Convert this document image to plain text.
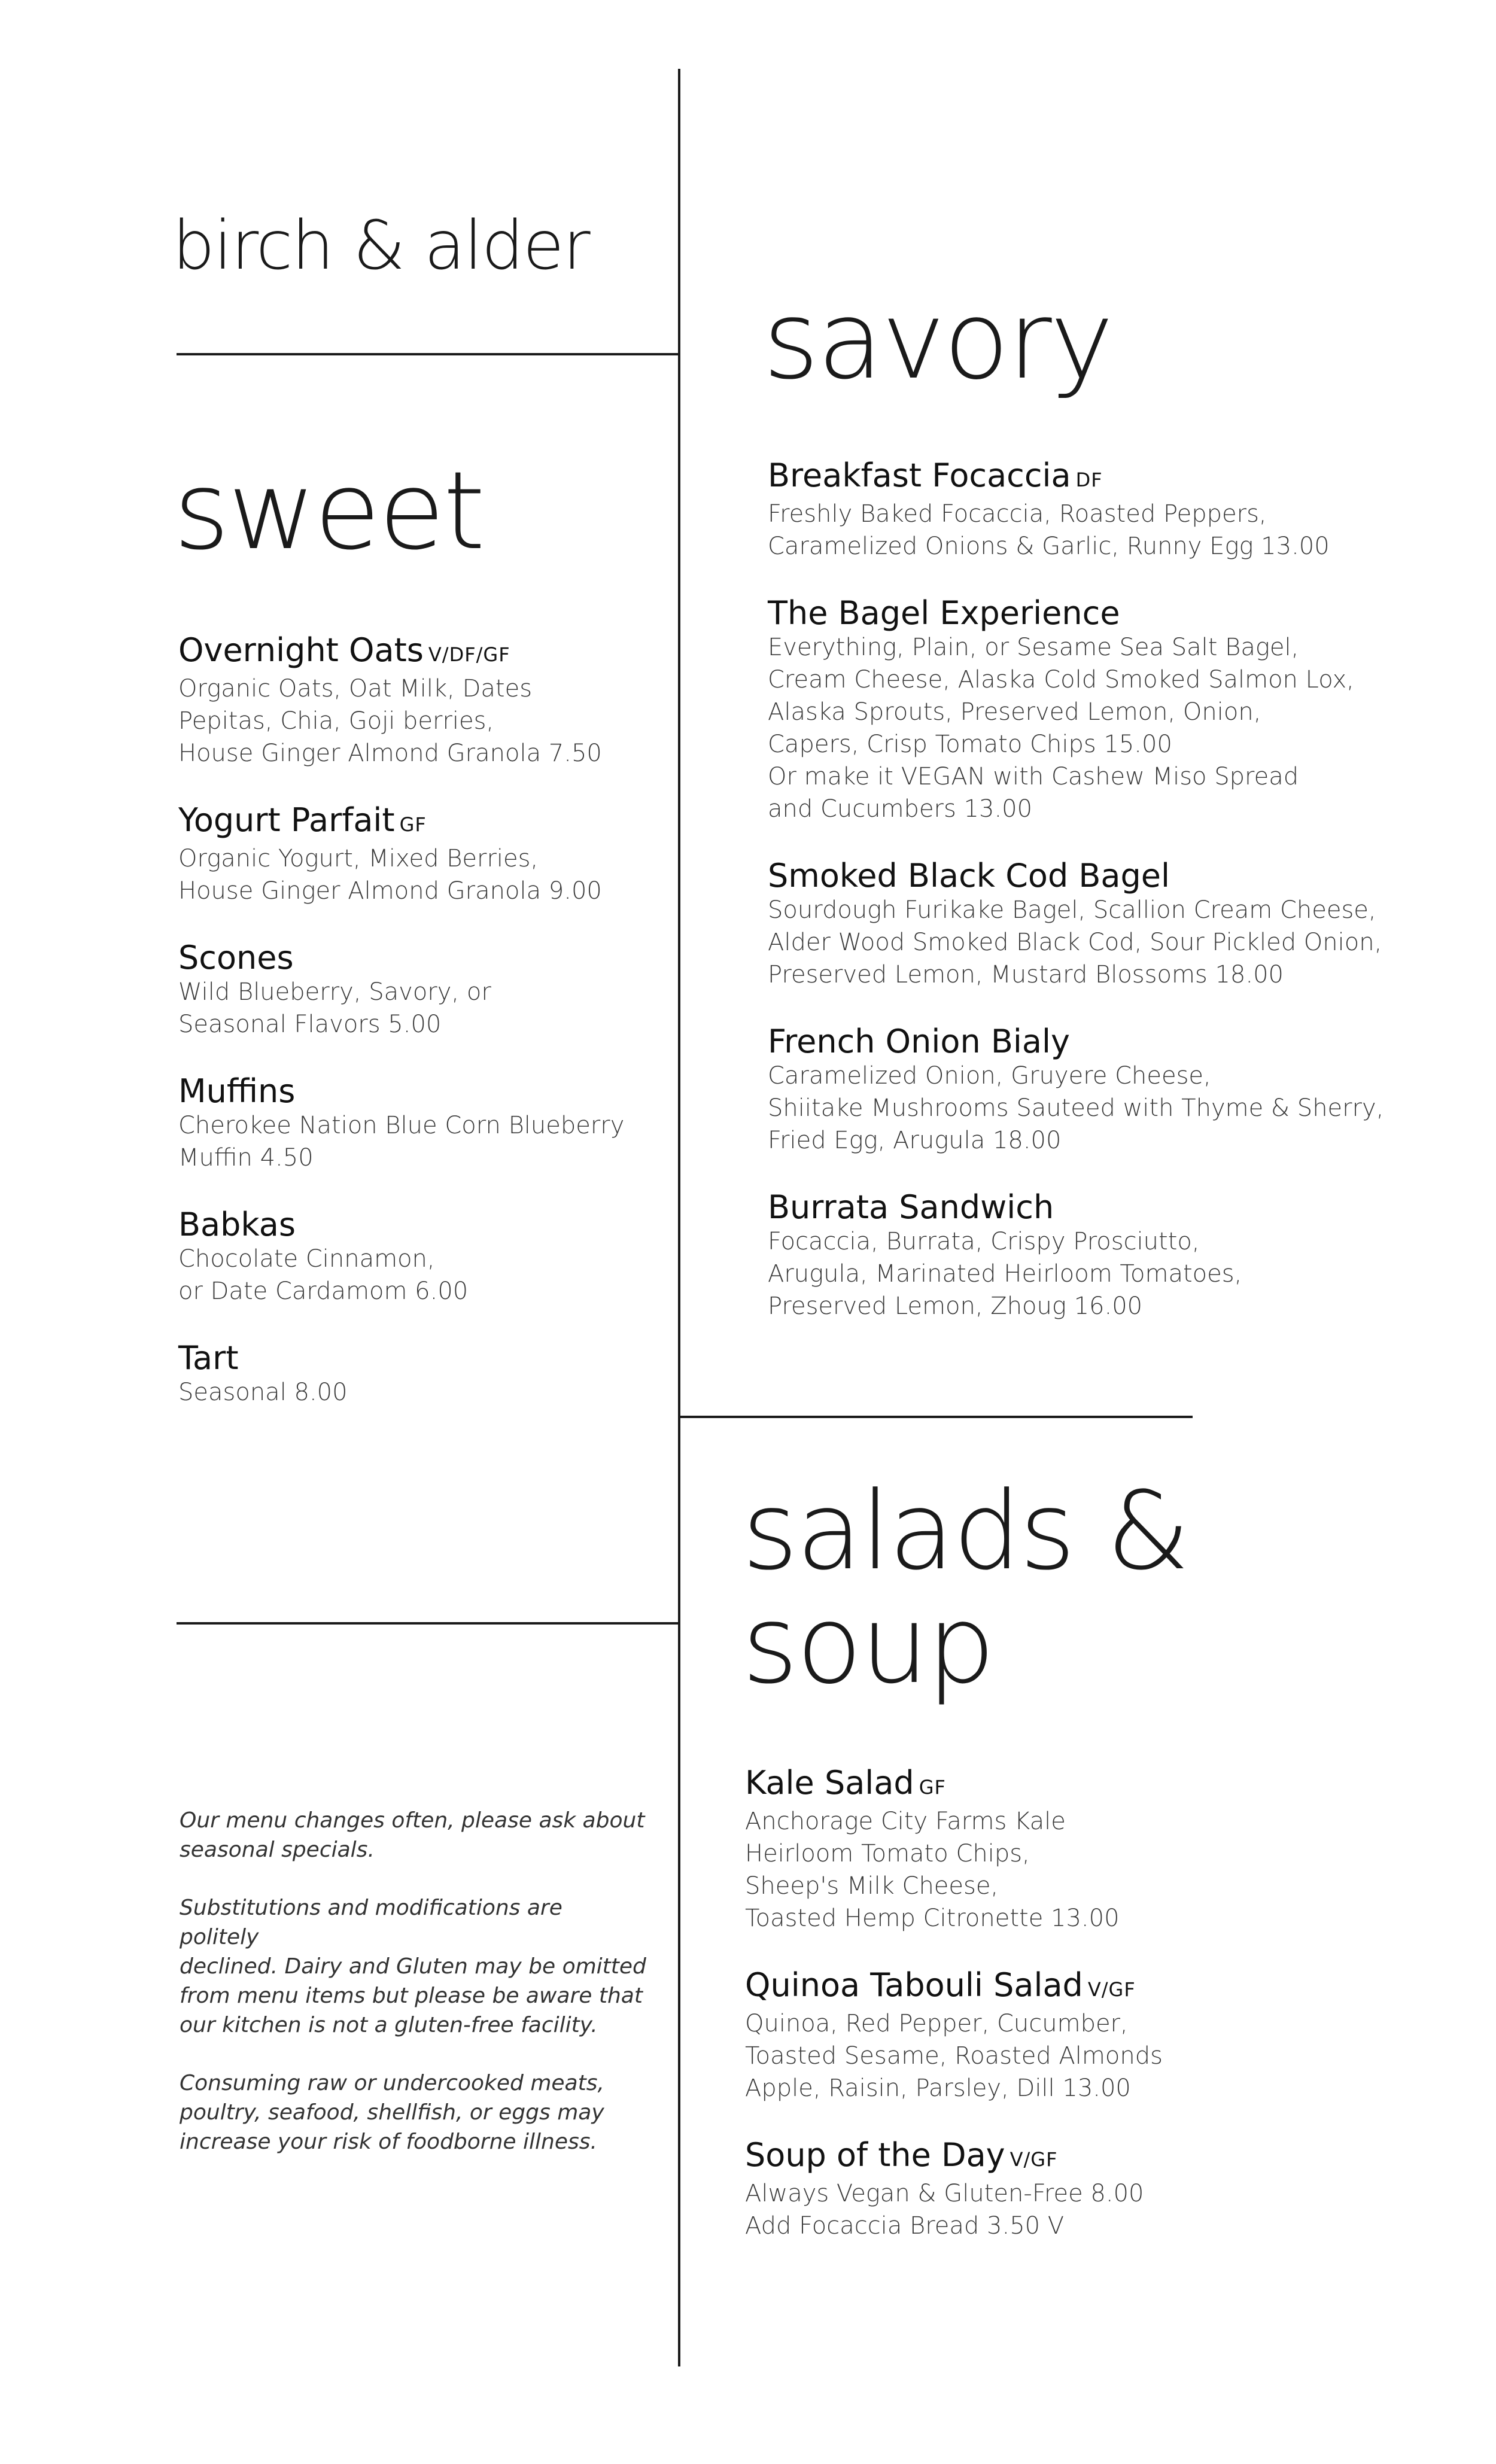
birch & alder
sweet
Overnight Oats V/DF/GF
Organic Oats, Oat Milk, Dates
Pepitas, Chia, Goji berries,
House Ginger Almond Granola 7.50
Yogurt Parfait GF
Organic Yogurt, Mixed Berries,
House Ginger Almond Granola 9.00
Scones
Wild Blueberry, Savory, or
Seasonal Flavors 5.00
Muffins
Cherokee Nation Blue Corn Blueberry
Muffin 4.50
Babkas
Chocolate Cinnamon,
or Date Cardamom 6.00
Tart
Seasonal 8.00
savory
Breakfast Focaccia DF
Freshly Baked Focaccia, Roasted Peppers,
Caramelized Onions & Garlic, Runny Egg 13.00
The Bagel Experience
Everything, Plain, or Sesame Sea Salt Bagel,
Cream Cheese, Alaska Cold Smoked Salmon Lox,
Alaska Sprouts, Preserved Lemon, Onion,
Capers, Crisp Tomato Chips 15.00
Or make it VEGAN with Cashew Miso Spread
and Cucumbers 13.00
Smoked Black Cod Bagel
Sourdough Furikake Bagel, Scallion Cream Cheese,
Alder Wood Smoked Black Cod, Sour Pickled Onion,
Preserved Lemon, Mustard Blossoms 18.00
French Onion Bialy
Caramelized Onion, Gruyere Cheese,
Shiitake Mushrooms Sauteed with Thyme & Sherry,
Fried Egg, Arugula 18.00
Burrata Sandwich
Focaccia, Burrata, Crispy Prosciutto,
Arugula, Marinated Heirloom Tomatoes,
Preserved Lemon, Zhoug 16.00
salads &
soup
Kale Salad GF
Anchorage City Farms Kale
Heirloom Tomato Chips,
Sheep's Milk Cheese,
Toasted Hemp Citronette 13.00
Quinoa Tabouli Salad V/GF
Quinoa, Red Pepper, Cucumber,
Toasted Sesame, Roasted Almonds
Apple, Raisin, Parsley, Dill 13.00
Soup of the Day V/GF
Always Vegan & Gluten-Free 8.00
Add Focaccia Bread 3.50 V
Our menu changes often, please ask about
seasonal specials.
Substitutions and modifications are politely
declined. Dairy and Gluten may be omitted
from menu items but please be aware that
our kitchen is not a gluten-free facility.
Consuming raw or undercooked meats,
poultry, seafood, shellfish, or eggs may
increase your risk of foodborne illness.
